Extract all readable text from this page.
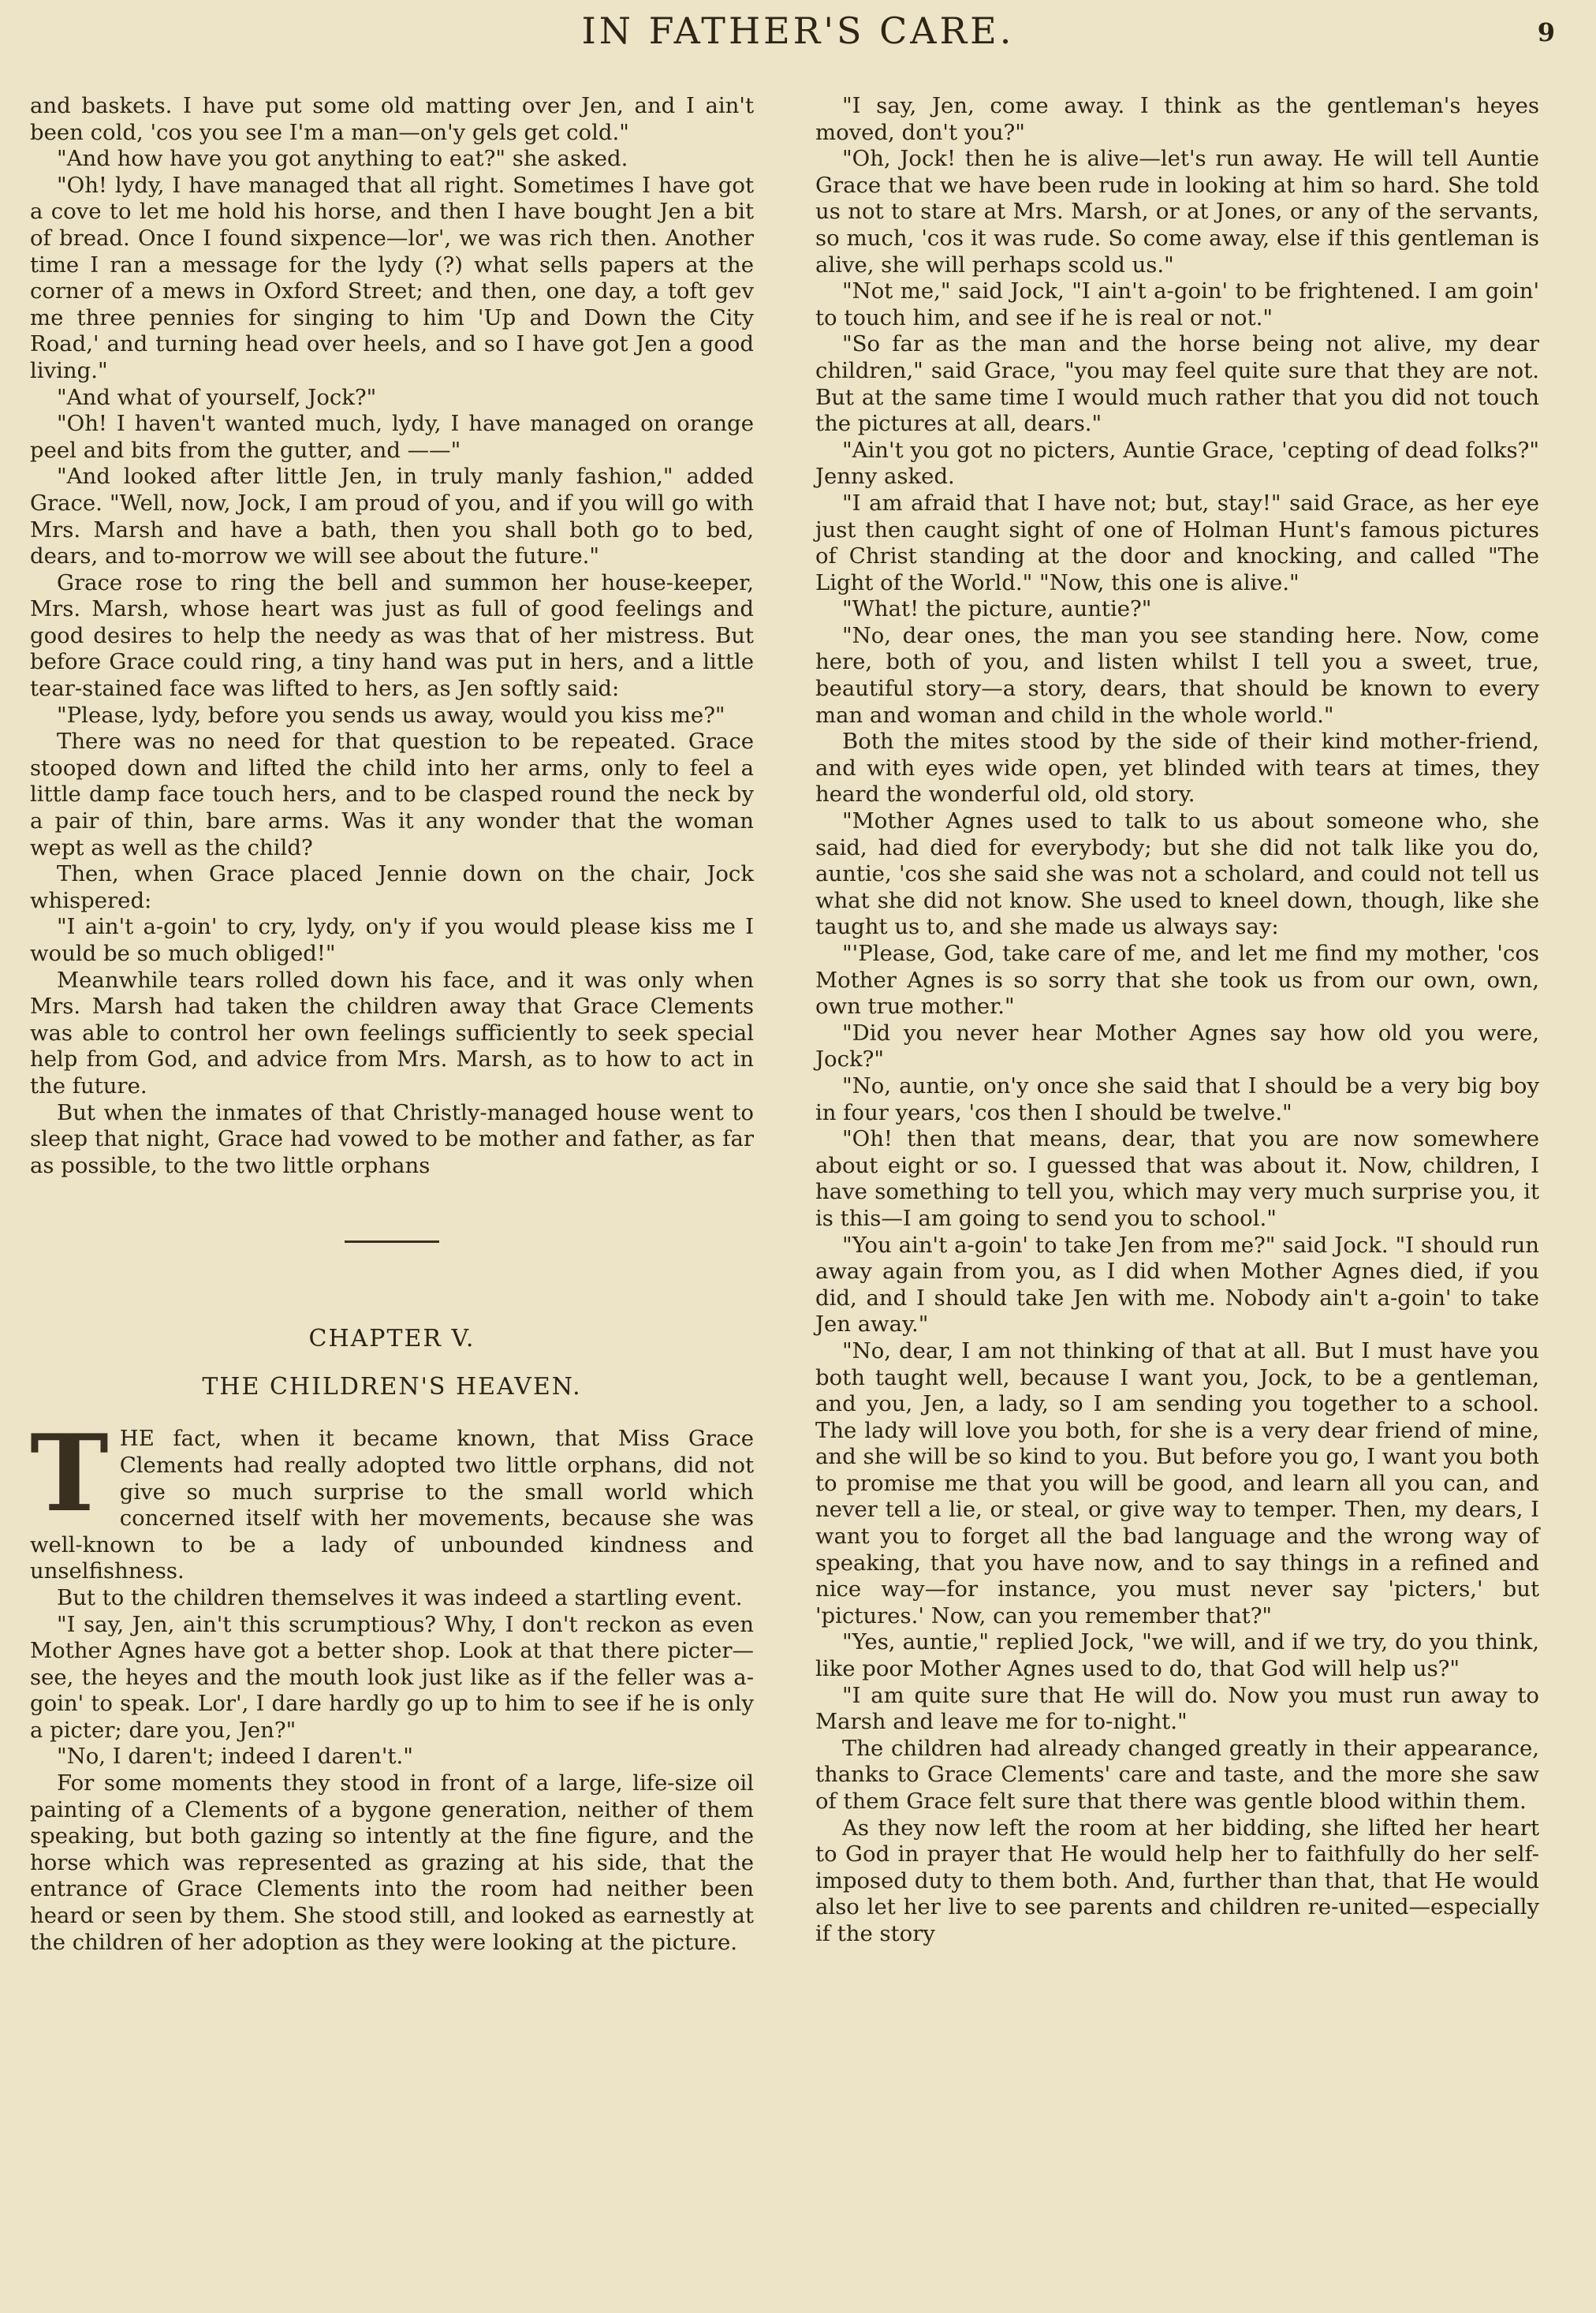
IN FATHER'S CARE.	9

and baskets. I have put some old matting over Jen, and I ain't been cold, 'cos you see I'm a man—on'y gels get cold."

"And how have you got anything to eat?" she asked.

"Oh! lydy, I have managed that all right. Sometimes I have got a cove to let me hold his horse, and then I have bought Jen a bit of bread. Once I found sixpence—lor', we was rich then. Another time I ran a message for the lydy (?) what sells papers at the corner of a mews in Oxford Street; and then, one day, a toft gev me three pennies for singing to him 'Up and Down the City Road,' and turning head over heels, and so I have got Jen a good living."

"And what of yourself, Jock?"

"Oh! I haven't wanted much, lydy, I have managed on orange peel and bits from the gutter, and ——"

"And looked after little Jen, in truly manly fashion," added Grace. "Well, now, Jock, I am proud of you, and if you will go with Mrs. Marsh and have a bath, then you shall both go to bed, dears, and to-morrow we will see about the future."

Grace rose to ring the bell and summon her house-keeper, Mrs. Marsh, whose heart was just as full of good feelings and good desires to help the needy as was that of her mistress. But before Grace could ring, a tiny hand was put in hers, and a little tear-stained face was lifted to hers, as Jen softly said:

"Please, lydy, before you sends us away, would you kiss me?"

There was no need for that question to be repeated. Grace stooped down and lifted the child into her arms, only to feel a little damp face touch hers, and to be clasped round the neck by a pair of thin, bare arms. Was it any wonder that the woman wept as well as the child?

Then, when Grace placed Jennie down on the chair, Jock whispered:

"I ain't a-goin' to cry, lydy, on'y if you would please kiss me I would be so much obliged!"

Meanwhile tears rolled down his face, and it was only when Mrs. Marsh had taken the children away that Grace Clements was able to control her own feelings sufficiently to seek special help from God, and advice from Mrs. Marsh, as to how to act in the future.

But when the inmates of that Christly-managed house went to sleep that night, Grace had vowed to be mother and father, as far as possible, to the two little orphans

CHAPTER V.
THE CHILDREN'S HEAVEN.

THE fact, when it became known, that Miss Grace Clements had really adopted two little orphans, did not give so much surprise to the small world which concerned itself with her movements, because she was well-known to be a lady of unbounded kindness and unselfishness.

But to the children themselves it was indeed a startling event.

"I say, Jen, ain't this scrumptious? Why, I don't reckon as even Mother Agnes have got a better shop. Look at that there picter—see, the heyes and the mouth look just like as if the feller was a-goin' to speak. Lor', I dare hardly go up to him to see if he is only a picter; dare you, Jen?"

"No, I daren't; indeed I daren't."

For some moments they stood in front of a large, life-size oil painting of a Clements of a bygone generation, neither of them speaking, but both gazing so intently at the fine figure, and the horse which was represented as grazing at his side, that the entrance of Grace Clements into the room had neither been heard or seen by them. She stood still, and looked as earnestly at the children of her adoption as they were looking at the picture.

"I say, Jen, come away. I think as the gentleman's heyes moved, don't you?"

"Oh, Jock! then he is alive—let's run away. He will tell Auntie Grace that we have been rude in looking at him so hard. She told us not to stare at Mrs. Marsh, or at Jones, or any of the servants, so much, 'cos it was rude. So come away, else if this gentleman is alive, she will perhaps scold us."

"Not me," said Jock, "I ain't a-goin' to be frightened. I am goin' to touch him, and see if he is real or not."

"So far as the man and the horse being not alive, my dear children," said Grace, "you may feel quite sure that they are not. But at the same time I would much rather that you did not touch the pictures at all, dears."

"Ain't you got no picters, Auntie Grace, 'cepting of dead folks?" Jenny asked.

"I am afraid that I have not; but, stay!" said Grace, as her eye just then caught sight of one of Holman Hunt's famous pictures of Christ standing at the door and knocking, and called "The Light of the World." "Now, this one is alive."

"What! the picture, auntie?"

"No, dear ones, the man you see standing here. Now, come here, both of you, and listen whilst I tell you a sweet, true, beautiful story—a story, dears, that should be known to every man and woman and child in the whole world."

Both the mites stood by the side of their kind mother-friend, and with eyes wide open, yet blinded with tears at times, they heard the wonderful old, old story.

"Mother Agnes used to talk to us about someone who, she said, had died for everybody; but she did not talk like you do, auntie, 'cos she said she was not a scholard, and could not tell us what she did not know. She used to kneel down, though, like she taught us to, and she made us always say:

"'Please, God, take care of me, and let me find my mother, 'cos Mother Agnes is so sorry that she took us from our own, own, own true mother."

"Did you never hear Mother Agnes say how old you were, Jock?"

"No, auntie, on'y once she said that I should be a very big boy in four years, 'cos then I should be twelve."

"Oh! then that means, dear, that you are now somewhere about eight or so. I guessed that was about it. Now, children, I have something to tell you, which may very much surprise you, it is this—I am going to send you to school."

"You ain't a-goin' to take Jen from me?" said Jock. "I should run away again from you, as I did when Mother Agnes died, if you did, and I should take Jen with me. Nobody ain't a-goin' to take Jen away."

"No, dear, I am not thinking of that at all. But I must have you both taught well, because I want you, Jock, to be a gentleman, and you, Jen, a lady, so I am sending you together to a school. The lady will love you both, for she is a very dear friend of mine, and she will be so kind to you. But before you go, I want you both to promise me that you will be good, and learn all you can, and never tell a lie, or steal, or give way to temper. Then, my dears, I want you to forget all the bad language and the wrong way of speaking, that you have now, and to say things in a refined and nice way—for instance, you must never say 'picters,' but 'pictures.' Now, can you remember that?"

"Yes, auntie," replied Jock, "we will, and if we try, do you think, like poor Mother Agnes used to do, that God will help us?"

"I am quite sure that He will do. Now you must run away to Marsh and leave me for to-night."

The children had already changed greatly in their appearance, thanks to Grace Clements' care and taste, and the more she saw of them Grace felt sure that there was gentle blood within them.

As they now left the room at her bidding, she lifted her heart to God in prayer that He would help her to faithfully do her self-imposed duty to them both. And, further than that, that He would also let her live to see parents and children re-united—especially if the story
